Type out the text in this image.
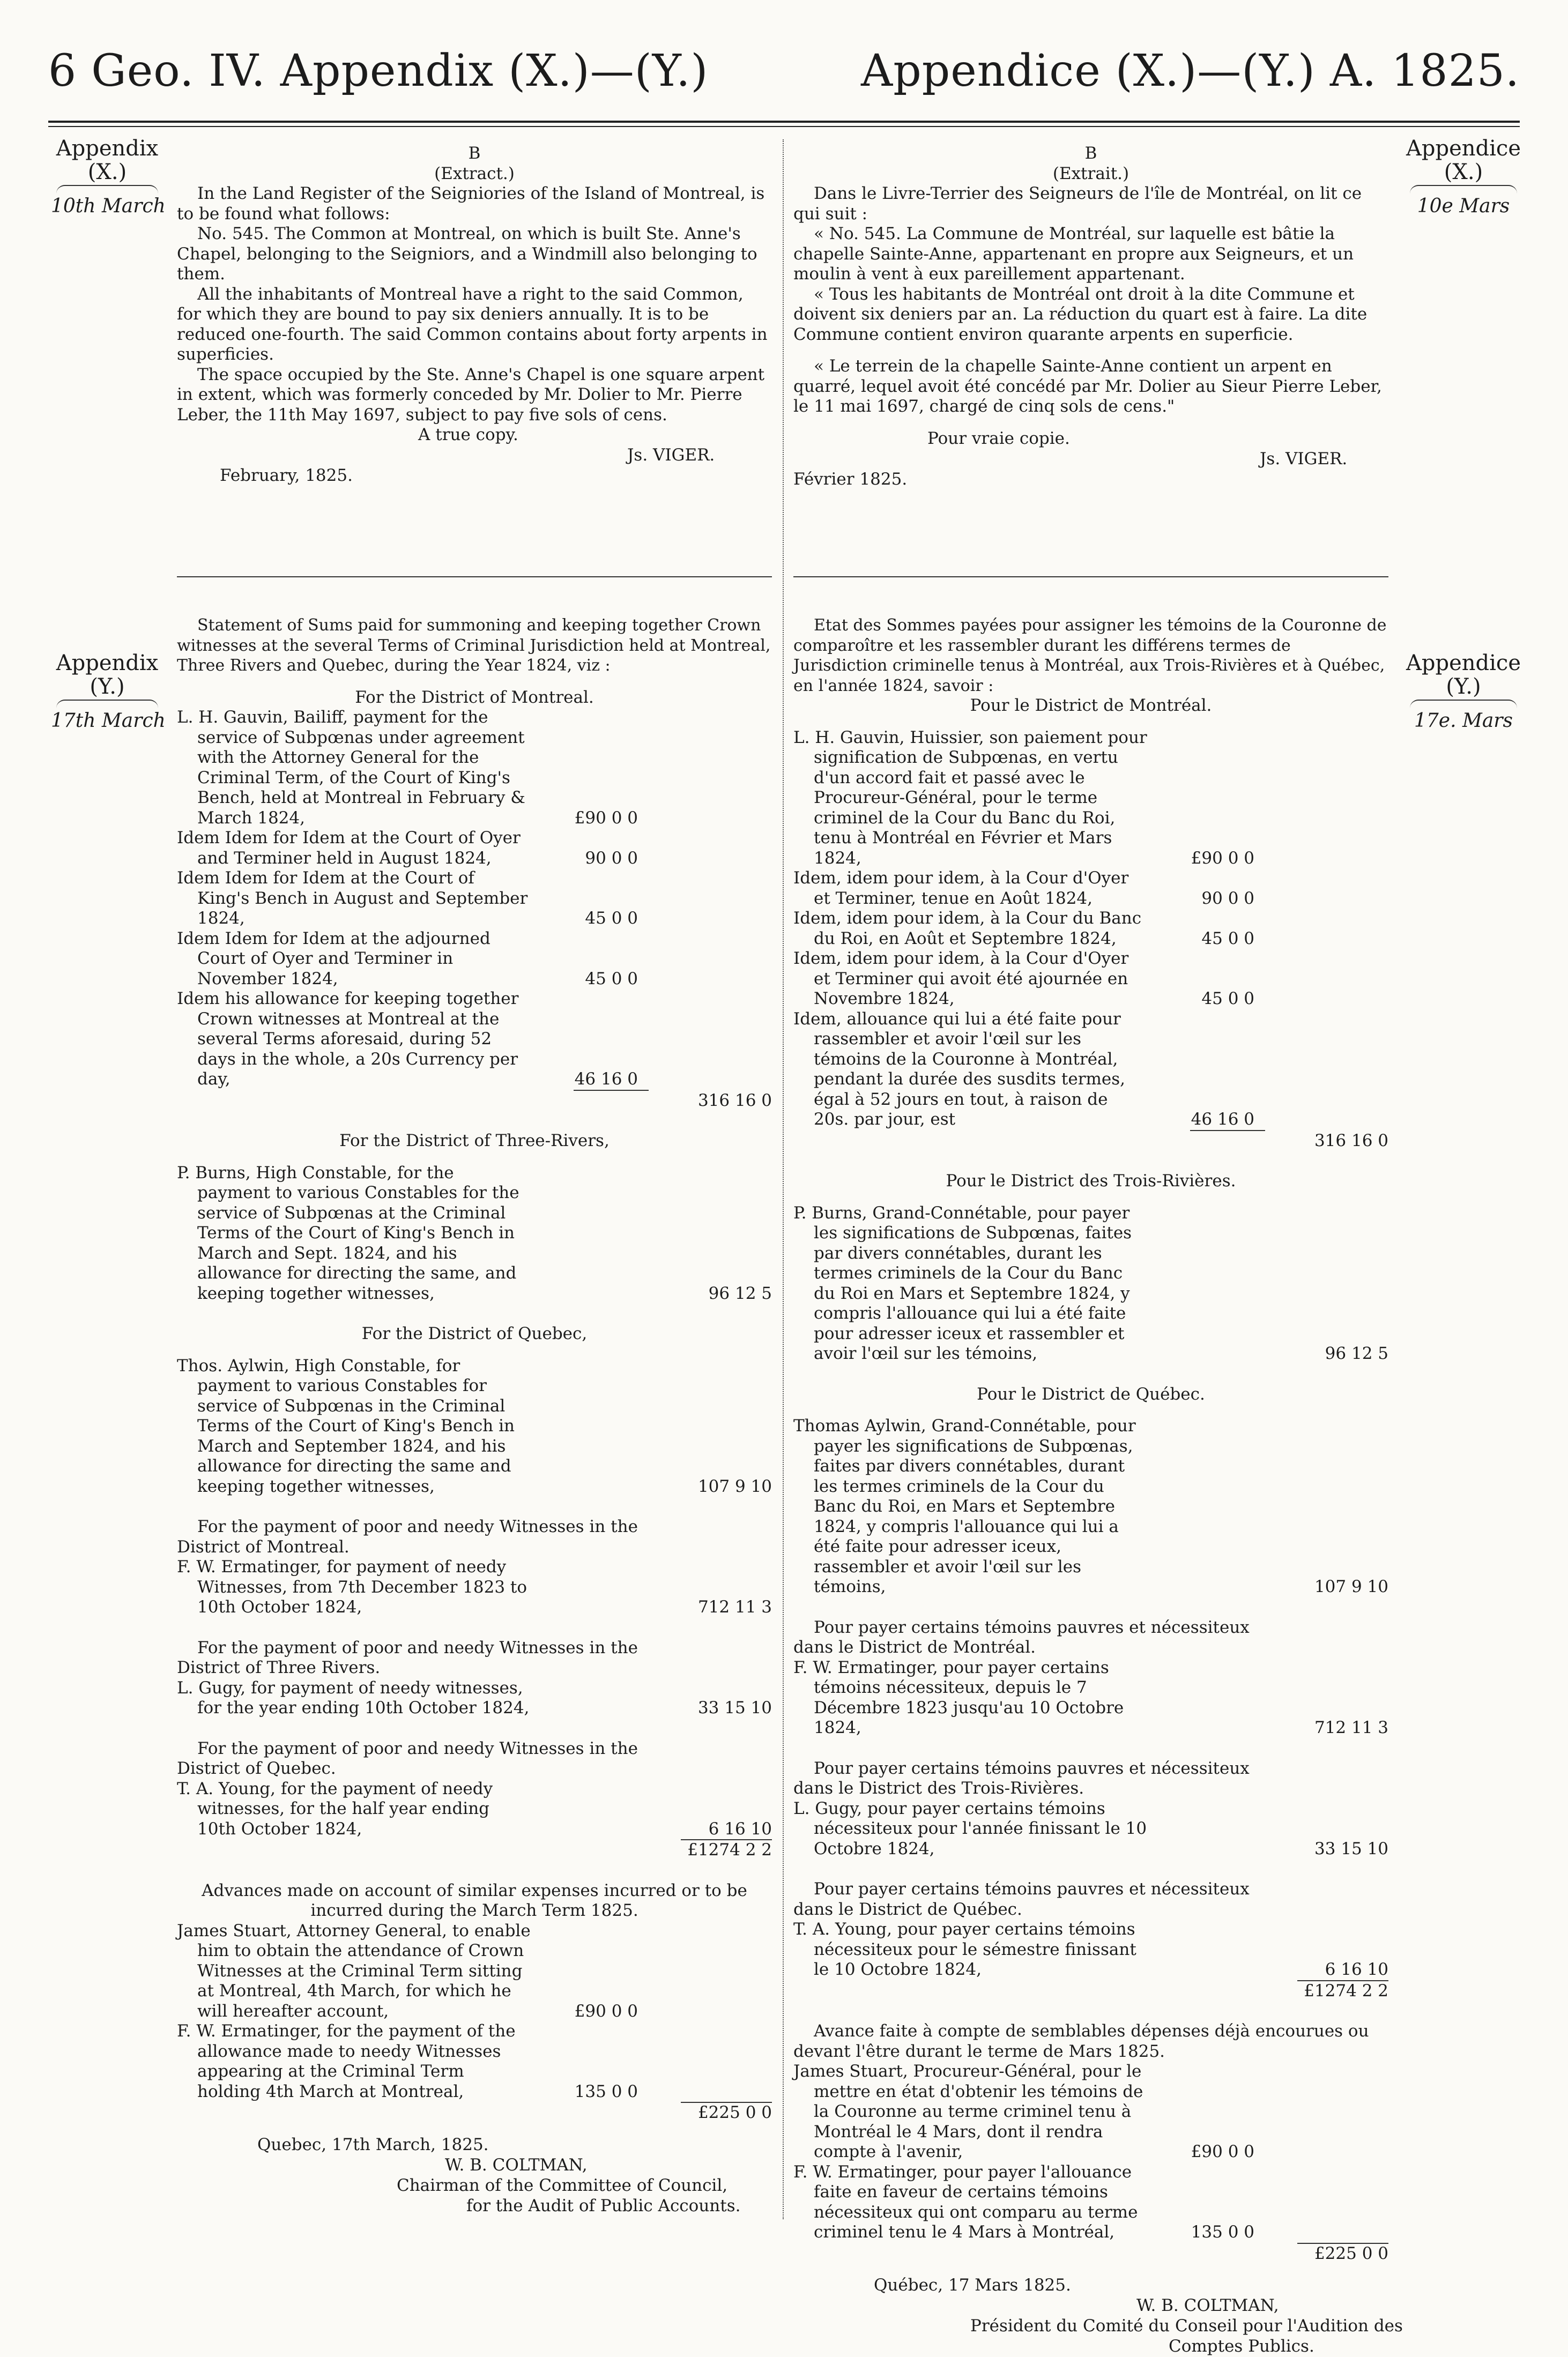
6 Geo. IV. Appendix (X.)—(Y.)	Appendice (X.)—(Y.) A. 1825.
Appendix
(X.)
10th March
Appendice
(X.)
10e Mars
Appendix
(Y.)
17th March
Appendice
(Y.)
17e. Mars

B

(Extract.)

In the Land Register of the Seigniories of the Island of Montreal, is to be found what follows:

No. 545. The Common at Montreal, on which is built Ste. Anne's Chapel, belonging to the Seigniors, and a Windmill also belonging to them.

All the inhabitants of Montreal have a right to the said Common, for which they are bound to pay six deniers annually. It is to be reduced one-fourth. The said Common contains about forty arpents in superficies.

The space occupied by the Ste. Anne's Chapel is one square arpent in extent, which was formerly conceded by Mr. Dolier to Mr. Pierre Leber, the 11th May 1697, subject to pay five sols of cens.

A true copy.
Js. VIGER.
February, 1825.

B

(Extrait.)

Dans le Livre-Terrier des Seigneurs de l'île de Montréal, on lit ce qui suit :

« No. 545. La Commune de Montréal, sur laquelle est bâtie la chapelle Sainte-Anne, appartenant en propre aux Seigneurs, et un moulin à vent à eux pareillement appartenant.

« Tous les habitants de Montréal ont droit à la dite Commune et doivent six deniers par an. La réduction du quart est à faire. La dite Commune contient environ quarante arpents en superficie.

« Le terrein de la chapelle Sainte-Anne contient un arpent en quarré, lequel avoit été concédé par Mr. Dolier au Sieur Pierre Leber, le 11 mai 1697, chargé de cinq sols de cens."

Pour vraie copie.
Js. VIGER.
Février 1825.

Statement of Sums paid for summoning and keeping together Crown witnesses at the several Terms of Criminal Jurisdiction held at Montreal, Three Rivers and Quebec, during the Year 1824, viz :

For the District of Montreal.

L. H. Gauvin, Bailiff, payment for the service of Subpœnas under agreement with the Attorney General for the Criminal Term, of the Court of King's Bench, held at Montreal in February & March 1824,	£90 0 0

Idem Idem for Idem at the Court of Oyer and Terminer held in August 1824,	90 0 0

Idem Idem for Idem at the Court of King's Bench in August and September 1824,	45 0 0

Idem Idem for Idem at the adjourned Court of Oyer and Terminer in November 1824,	45 0 0

Idem his allowance for keeping together Crown witnesses at Montreal at the several Terms aforesaid, during 52 days in the whole, a 20s Currency per day,	46 16 0
316 16 0

For the District of Three-Rivers,

P. Burns, High Constable, for the payment to various Constables for the service of Subpœnas at the Criminal Terms of the Court of King's Bench in March and Sept. 1824, and his allowance for directing the same, and keeping together witnesses,	96 12 5

For the District of Quebec,

Thos. Aylwin, High Constable, for payment to various Constables for service of Subpœnas in the Criminal Terms of the Court of King's Bench in March and September 1824, and his allowance for directing the same and keeping together witnesses,	107 9 10

For the payment of poor and needy Witnesses in the District of Montreal.

F. W. Ermatinger, for payment of needy Witnesses, from 7th December 1823 to 10th October 1824,	712 11 3

For the payment of poor and needy Witnesses in the District of Three Rivers.

L. Gugy, for payment of needy witnesses, for the year ending 10th October 1824,	33 15 10

For the payment of poor and needy Witnesses in the District of Quebec.

T. A. Young, for the payment of needy witnesses, for the half year ending 10th October 1824,	6 16 10
£1274 2 2

Advances made on account of similar expenses incurred or to be incurred during the March Term 1825.

James Stuart, Attorney General, to enable him to obtain the attendance of Crown Witnesses at the Criminal Term sitting at Montreal, 4th March, for which he will hereafter account,	£90 0 0

F. W. Ermatinger, for the payment of the allowance made to needy Witnesses appearing at the Criminal Term holding 4th March at Montreal,	135 0 0
£225 0 0
Quebec, 17th March, 1825.
W. B. COLTMAN,
Chairman of the Committee of Council,
for the Audit of Public Accounts.

Etat des Sommes payées pour assigner les témoins de la Couronne de comparoître et les rassembler durant les différens termes de Jurisdiction criminelle tenus à Montréal, aux Trois-Rivières et à Québec, en l'année 1824, savoir :

Pour le District de Montréal.

L. H. Gauvin, Huissier, son paiement pour signification de Subpœnas, en vertu d'un accord fait et passé avec le Procureur-Général, pour le terme criminel de la Cour du Banc du Roi, tenu à Montréal en Février et Mars 1824,	£90 0 0

Idem, idem pour idem, à la Cour d'Oyer et Terminer, tenue en Août 1824,	90 0 0

Idem, idem pour idem, à la Cour du Banc du Roi, en Août et Septembre 1824,	45 0 0

Idem, idem pour idem, à la Cour d'Oyer et Terminer qui avoit été ajournée en Novembre 1824,	45 0 0

Idem, allouance qui lui a été faite pour rassembler et avoir l'œil sur les témoins de la Couronne à Montréal, pendant la durée des susdits termes, égal à 52 jours en tout, à raison de 20s. par jour, est	46 16 0
316 16 0

Pour le District des Trois-Rivières.

P. Burns, Grand-Connétable, pour payer les significations de Subpœnas, faites par divers connétables, durant les termes criminels de la Cour du Banc du Roi en Mars et Septembre 1824, y compris l'allouance qui lui a été faite pour adresser iceux et rassembler et avoir l'œil sur les témoins,	96 12 5

Pour le District de Québec.

Thomas Aylwin, Grand-Connétable, pour payer les significations de Subpœnas, faites par divers connétables, durant les termes criminels de la Cour du Banc du Roi, en Mars et Septembre 1824, y compris l'allouance qui lui a été faite pour adresser iceux, rassembler et avoir l'œil sur les témoins,	107 9 10

Pour payer certains témoins pauvres et nécessiteux dans le District de Montréal.

F. W. Ermatinger, pour payer certains témoins nécessiteux, depuis le 7 Décembre 1823 jusqu'au 10 Octobre 1824,	712 11 3

Pour payer certains témoins pauvres et nécessiteux dans le District des Trois-Rivières.

L. Gugy, pour payer certains témoins nécessiteux pour l'année finissant le 10 Octobre 1824,	33 15 10

Pour payer certains témoins pauvres et nécessiteux dans le District de Québec.

T. A. Young, pour payer certains témoins nécessiteux pour le sémestre finissant le 10 Octobre 1824,	6 16 10
£1274 2 2

Avance faite à compte de semblables dépenses déjà encourues ou devant l'être durant le terme de Mars 1825.

James Stuart, Procureur-Général, pour le mettre en état d'obtenir les témoins de la Couronne au terme criminel tenu à Montréal le 4 Mars, dont il rendra compte à l'avenir,	£90 0 0

F. W. Ermatinger, pour payer l'allouance faite en faveur de certains témoins nécessiteux qui ont comparu au terme criminel tenu le 4 Mars à Montréal,	135 0 0
£225 0 0
Québec, 17 Mars 1825.
W. B. COLTMAN,
Président du Comité du Conseil pour l'Audition des
Comptes Publics.
